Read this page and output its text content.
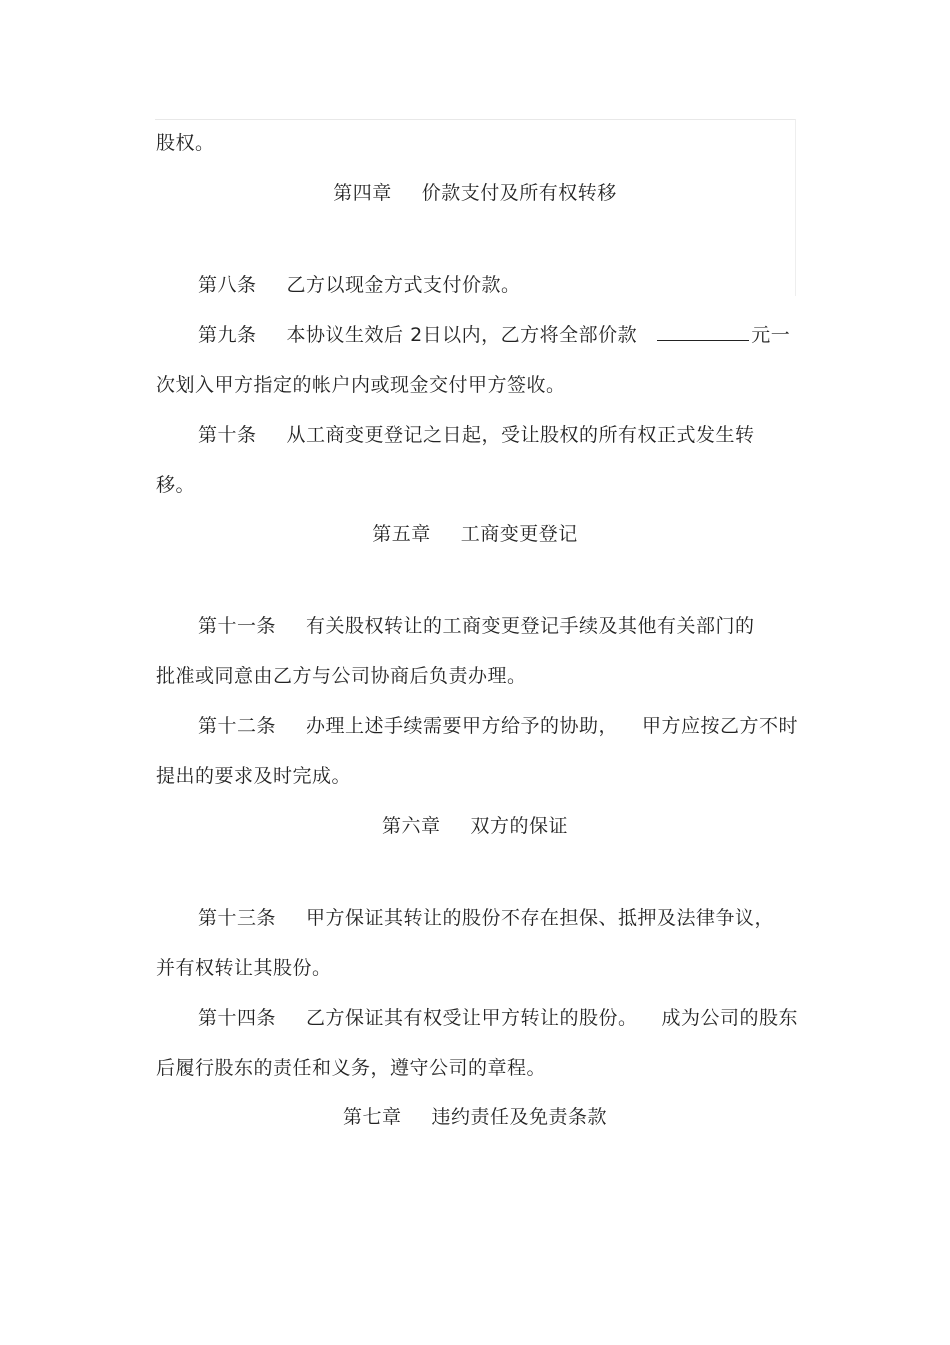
股权。
第四章 价款支付及所有权转移
第八条 乙方以现金方式支付价款。
第九条 本协议生效后 2日以内，乙方将全部价款	元一
次划入甲方指定的帐户内或现金交付甲方签收。
第十条 从工商变更登记之日起，受让股权的所有权正式发生转
移。
第五章 工商变更登记
第十一条 有关股权转让的工商变更登记手续及其他有关部门的
批准或同意由乙方与公司协商后负责办理。
第十二条 办理上述手续需要甲方给予的协助， 甲方应按乙方不时
提出的要求及时完成。
第六章 双方的保证
第十三条 甲方保证其转让的股份不存在担保、抵押及法律争议，
并有权转让其股份。
第十四条 乙方保证其有权受让甲方转让的股份。 成为公司的股东
后履行股东的责任和义务，遵守公司的章程。
第七章 违约责任及免责条款
